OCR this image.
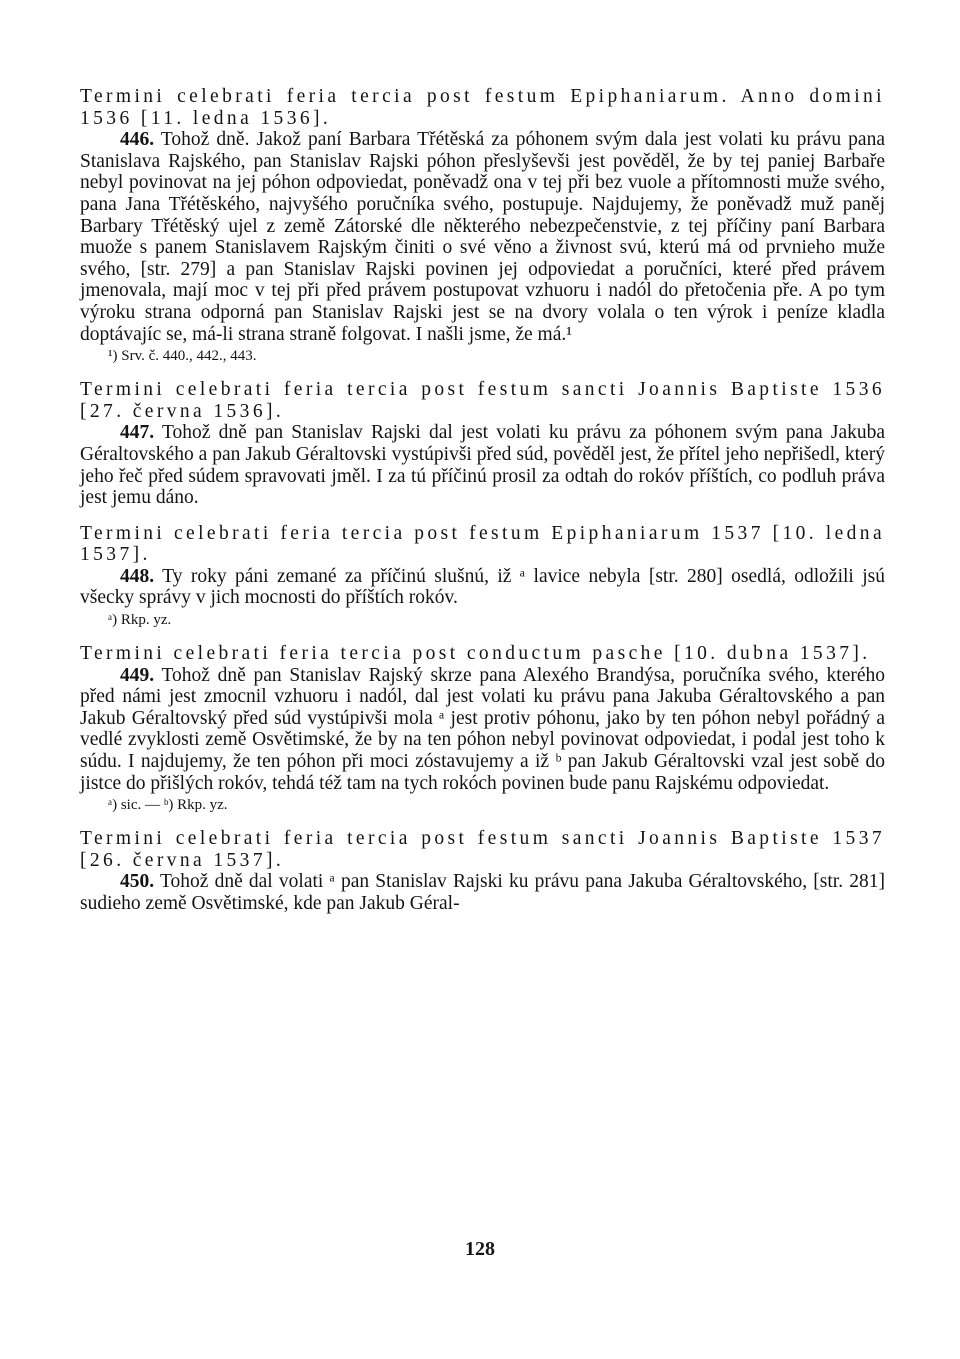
Termini celebrati feria tercia post festum Epiphaniarum. Anno domini 1536 [11. ledna 1536].

446. Tohož dně. Jakož paní Barbara Třétěská za póhonem svým dala jest volati ku právu pana Stanislava Rajského, pan Stanislav Rajski póhon přeslyševši jest pověděl, že by tej paniej Barbaře nebyl povinovat na jej póhon odpoviedat, poněvadž ona v tej při bez vuole a přítomnosti muže svého, pana Jana Třétěského, najvyšého poručníka svého, postupuje. Najdujemy, že poněvadž muž paněj Barbary Třétěský ujel z země Zátorské dle některého nebezpečenstvie, z tej příčiny paní Barbara muože s panem Stanislavem Rajským činiti o své věno a živnost svú, kterú má od prvnieho muže svého, [str. 279] a pan Stanislav Rajski povinen jej odpoviedat a poručníci, které před právem jmenovala, mají moc v tej při před právem postupovat vzhuoru i nadól do přetočenia pře. A po tym výroku strana odporná pan Stanislav Rajski jest se na dvory volala o ten výrok i peníze kladla doptávajíc se, má-li strana straně folgovat. I našli jsme, že má.¹

¹) Srv. č. 440., 442., 443.

Termini celebrati feria tercia post festum sancti Joannis Baptiste 1536 [27. června 1536].

447. Tohož dně pan Stanislav Rajski dal jest volati ku právu za póhonem svým pana Jakuba Géraltovského a pan Jakub Géraltovski vystúpivši před súd, pověděl jest, že přítel jeho nepřišedl, který jeho řeč před súdem spravovati jměl. I za tú příčinú prosil za odtah do rokóv příštích, co podluh práva jest jemu dáno.

Termini celebrati feria tercia post festum Epiphaniarum 1537 [10. ledna 1537].

448. Ty roky páni zemané za příčinú slušnú, iž ᵃ lavice nebyla [str. 280] osedlá, odložili jsú všecky správy v jich mocnosti do příštích rokóv.

ᵃ) Rkp. yz.

Termini celebrati feria tercia post conductum pasche [10. dubna 1537].

449. Tohož dně pan Stanislav Rajský skrze pana Alexého Brandýsa, poručníka svého, kterého před námi jest zmocnil vzhuoru i nadól, dal jest volati ku právu pana Jakuba Géraltovského a pan Jakub Géraltovský před súd vystúpivši mola ᵃ jest protiv póhonu, jako by ten póhon nebyl pořádný a vedlé zvyklosti země Osvětimské, že by na ten póhon nebyl povinovat odpoviedat, i podal jest toho k súdu. I najdujemy, že ten póhon při moci zóstavujemy a iž ᵇ pan Jakub Géraltovski vzal jest sobě do jistce do přišlých rokóv, tehdá též tam na tych rokóch povinen bude panu Rajskému odpoviedat.

ᵃ) sic. — ᵇ) Rkp. yz.

Termini celebrati feria tercia post festum sancti Joannis Baptiste 1537 [26. června 1537].

450. Tohož dně dal volati ᵃ pan Stanislav Rajski ku právu pana Jakuba Géraltovského, [str. 281] sudieho země Osvětimské, kde pan Jakub Géral-

128
